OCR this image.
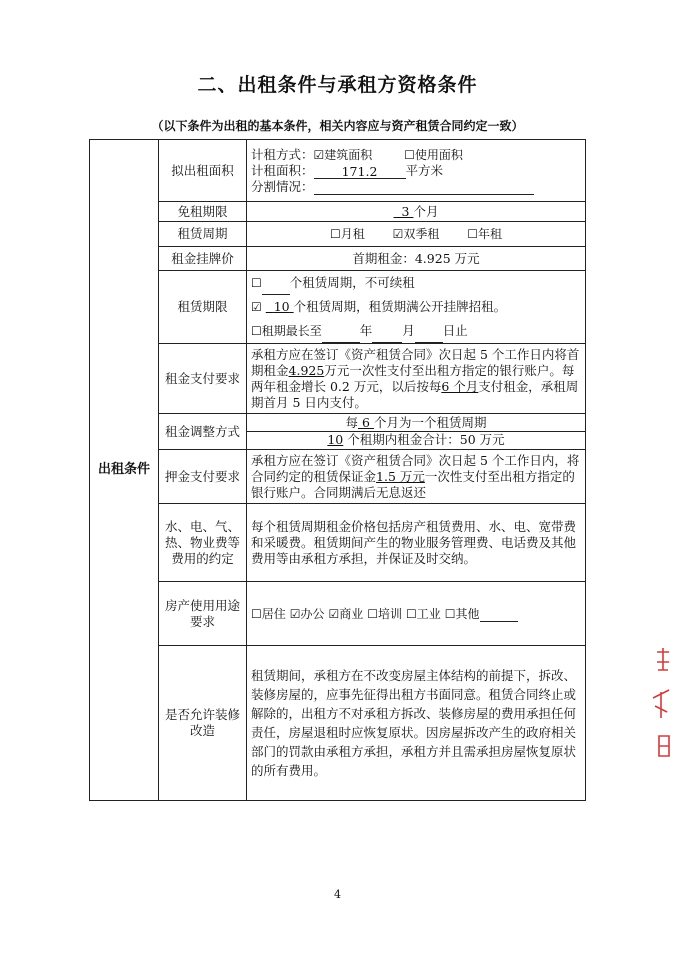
二、出租条件与承租方资格条件
（以下条件为出租的基本条件，相关内容应与资产租赁合同约定一致）
出租条件	拟出租面积	计租方式：☑建筑面积 ☐使用面积
计租面积： 171.2 平方米
分割情况：

	免租期限	3 个月
	租赁周期	☐月租 ☑双季租 ☐年租
	租金挂牌价	首期租金：4.925 万元
	租赁期限	☐ 个租赁周期，不可续租
☑ 10 个租赁周期，租赁期满公开挂牌招租。
☐租期最长至 年 月 日止

	租金支付要求	承租方应在签订《资产租赁合同》次日起 5 个工作日内将首期租金4.925万元一次性支付至出租方指定的银行账户。每两年租金增长 0.2 万元，以后按每6 个月支付租金，承租周期首月 5 日内支付。
	租金调整方式	每 6 个月为一个租赁周期
10 个租期内租金合计：50 万元

	押金支付要求	承租方应在签订《资产租赁合同》次日起 5 个工作日内，将合同约定的租赁保证金1.5 万元一次性支付至出租方指定的银行账户。合同期满后无息返还
	水、电、气、热、物业费等费用的约定	每个租赁周期租金价格包括房产租赁费用、水、电、宽带费和采暖费。租赁期间产生的物业服务管理费、电话费及其他费用等由承租方承担，并保证及时交纳。
	房产使用用途要求	☐居住 ☑办公 ☑商业 ☐培训 ☐工业 ☐其他
	是否允许装修改造	租赁期间，承租方在不改变房屋主体结构的前提下，拆改、装修房屋的，应事先征得出租方书面同意。租赁合同终止或解除的，出租方不对承租方拆改、装修房屋的费用承担任何责任，房屋退租时应恢复原状。因房屋拆改产生的政府相关部门的罚款由承租方承担，承租方并且需承担房屋恢复原状的所有费用。
4
